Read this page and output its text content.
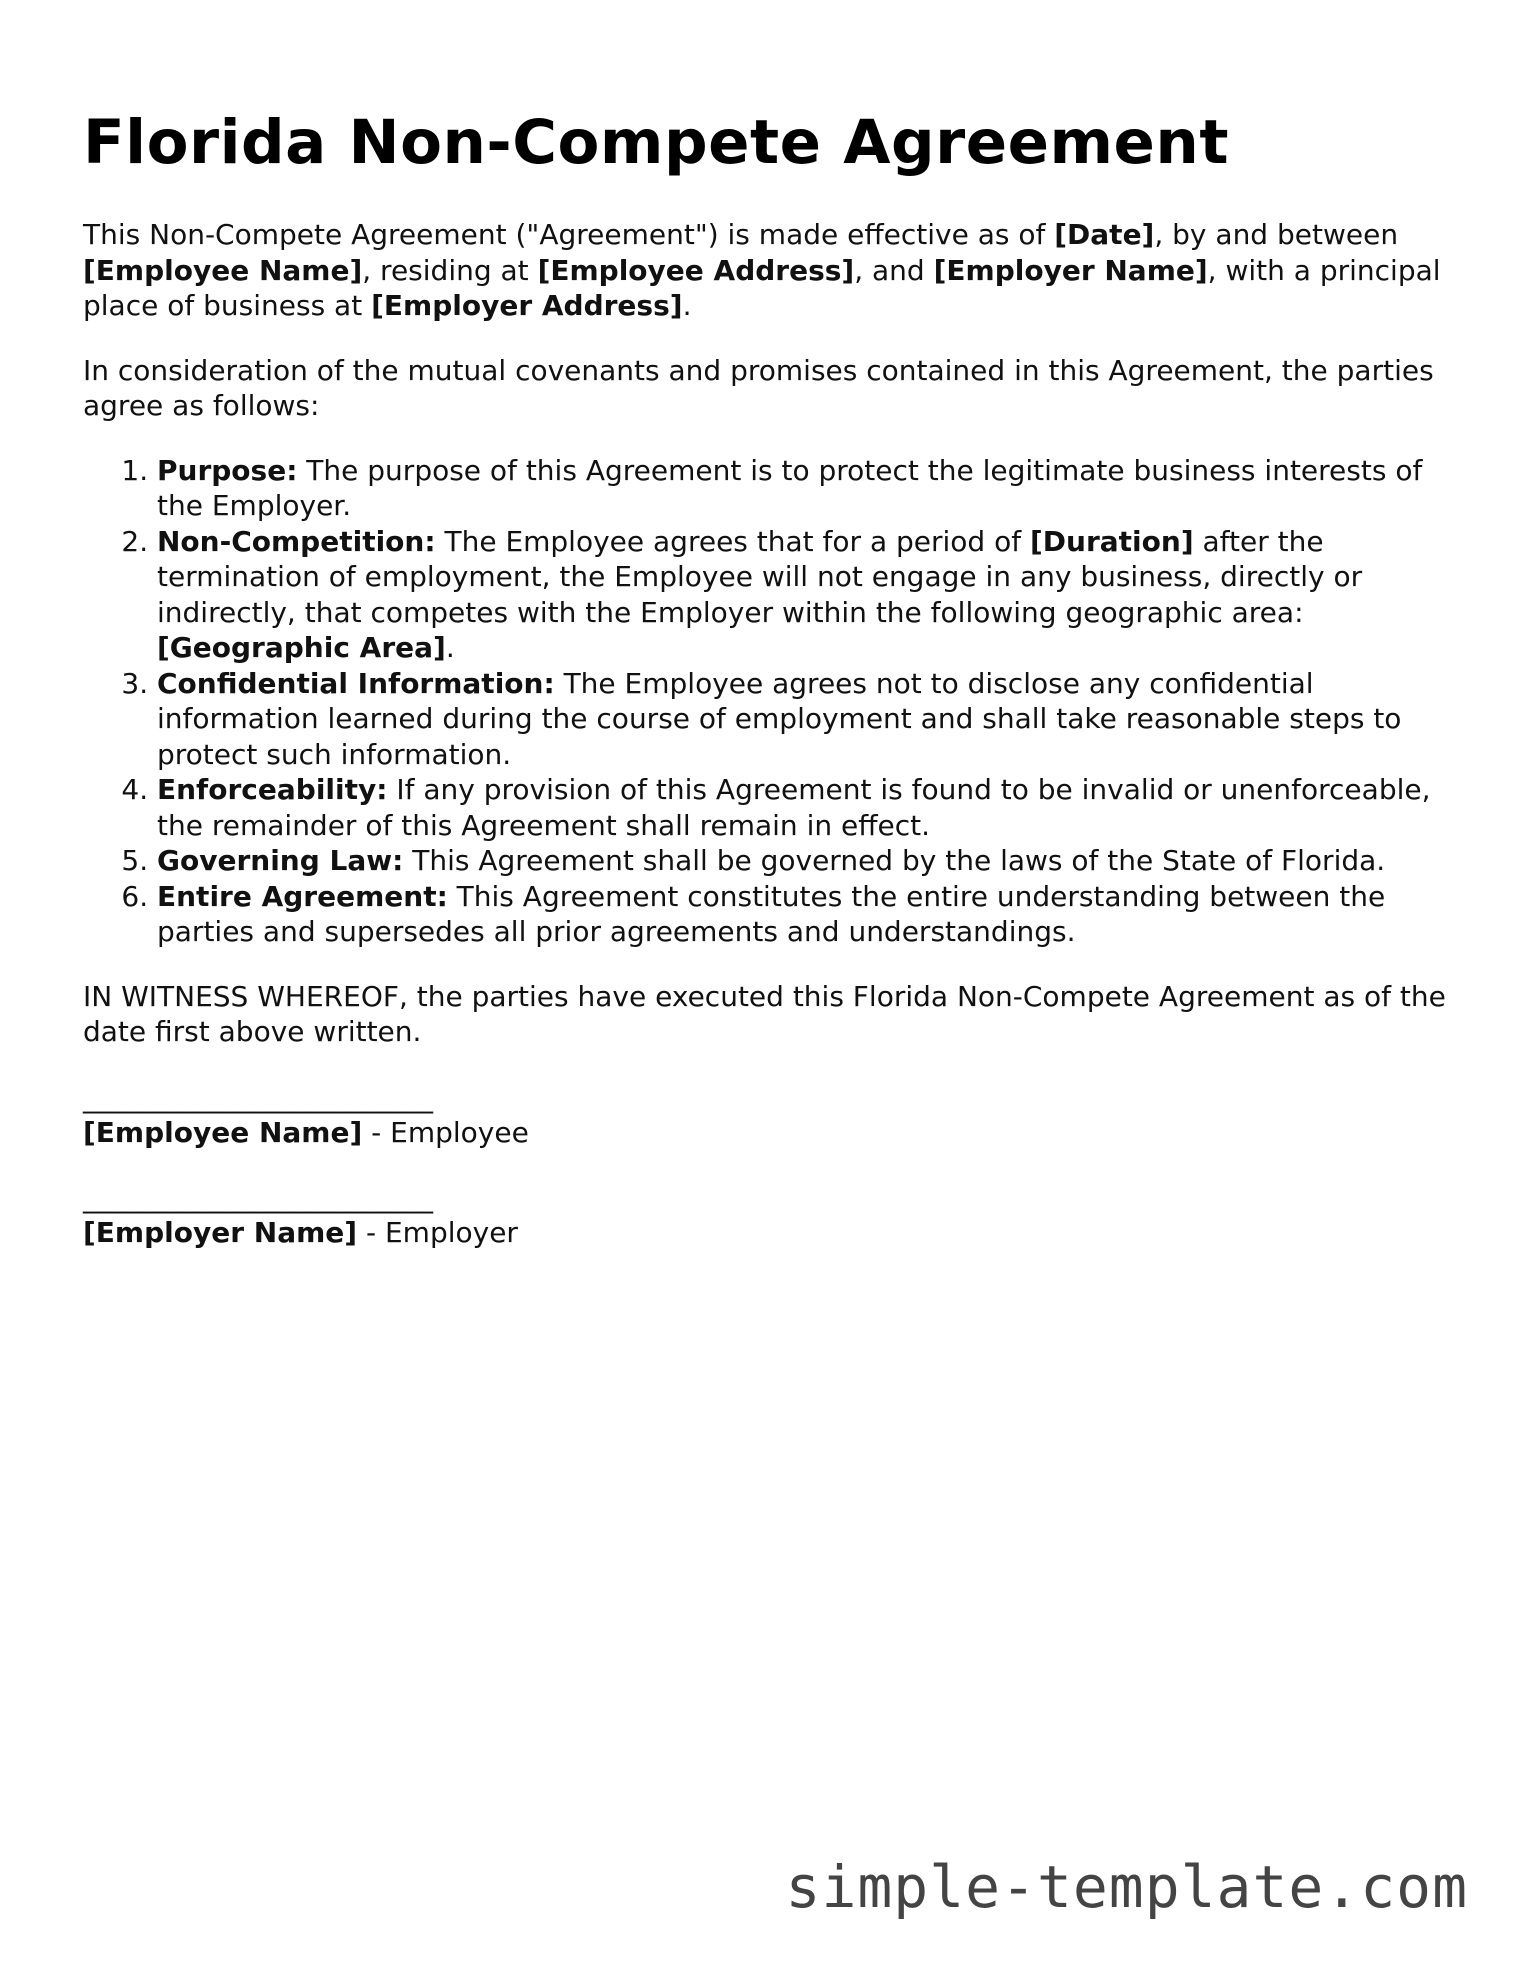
Florida Non-Compete Agreement

This Non-Compete Agreement ("Agreement") is made effective as of [Date], by and between [Employee Name], residing at [Employee Address], and [Employer Name], with a principal place of business at [Employer Address].

In consideration of the mutual covenants and promises contained in this Agreement, the parties agree as follows:

1. Purpose: The purpose of this Agreement is to protect the legitimate business interests of the Employer.
2. Non-Competition: The Employee agrees that for a period of [Duration] after the termination of employment, the Employee will not engage in any business, directly or indirectly, that competes with the Employer within the following geographic area: [Geographic Area].
3. Confidential Information: The Employee agrees not to disclose any confidential information learned during the course of employment and shall take reasonable steps to protect such information.
4. Enforceability: If any provision of this Agreement is found to be invalid or unenforceable, the remainder of this Agreement shall remain in effect.
5. Governing Law: This Agreement shall be governed by the laws of the State of Florida.
6. Entire Agreement: This Agreement constitutes the entire understanding between the parties and supersedes all prior agreements and understandings.

IN WITNESS WHEREOF, the parties have executed this Florida Non-Compete Agreement as of the date first above written.

_________________________

[Employee Name] - Employee

_________________________

[Employer Name] - Employer

simple-template.com
